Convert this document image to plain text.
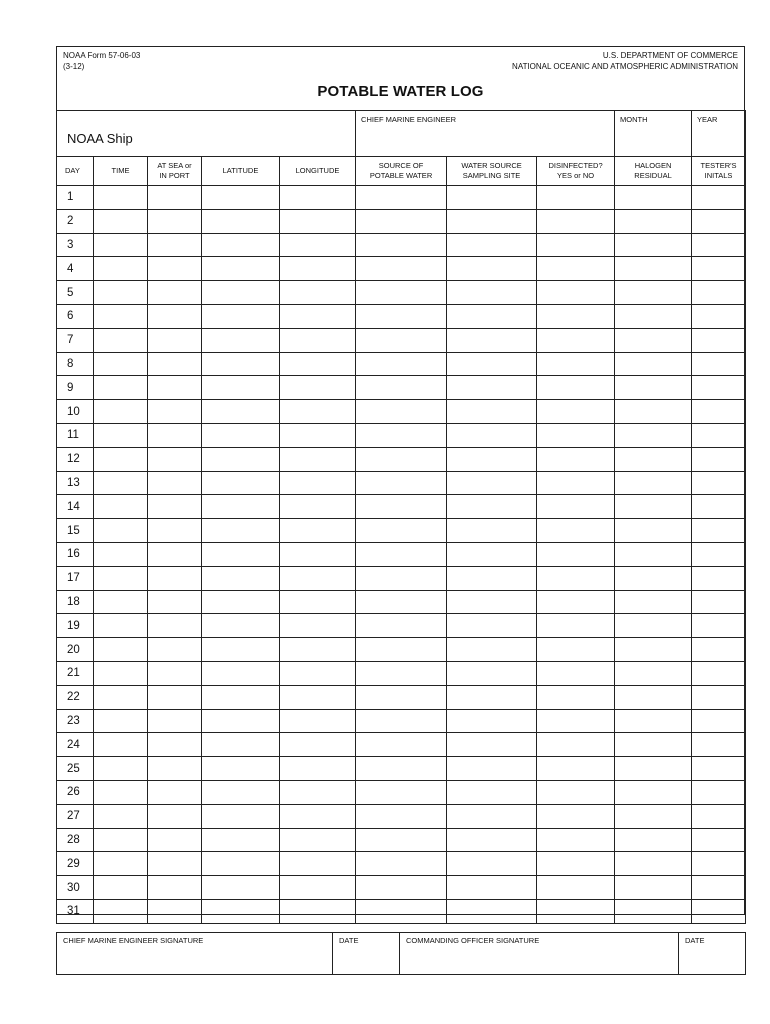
NOAA Form 57-06-03
(3-12)
U.S. DEPARTMENT OF COMMERCE
NATIONAL OCEANIC AND ATMOSPHERIC ADMINISTRATION
POTABLE WATER LOG
NOAA Ship					CHIEF MARINE ENGINEER			MONTH	YEAR
DAY	TIME	AT SEA or
IN PORT	LATITUDE	LONGITUDE	SOURCE OF
POTABLE WATER	WATER SOURCE
SAMPLING SITE	DISINFECTED?
YES or NO	HALOGEN
RESIDUAL	TESTER'S
INITALS
1									
2									
3									
4									
5									
6									
7									
8									
9									
10									
11									
12									
13									
14									
15									
16									
17									
18									
19									
20									
21									
22									
23									
24									
25									
26									
27									
28									
29									
30									
31									
CHIEF MARINE ENGINEER SIGNATURE	DATE	COMMANDING OFFICER SIGNATURE	DATE
